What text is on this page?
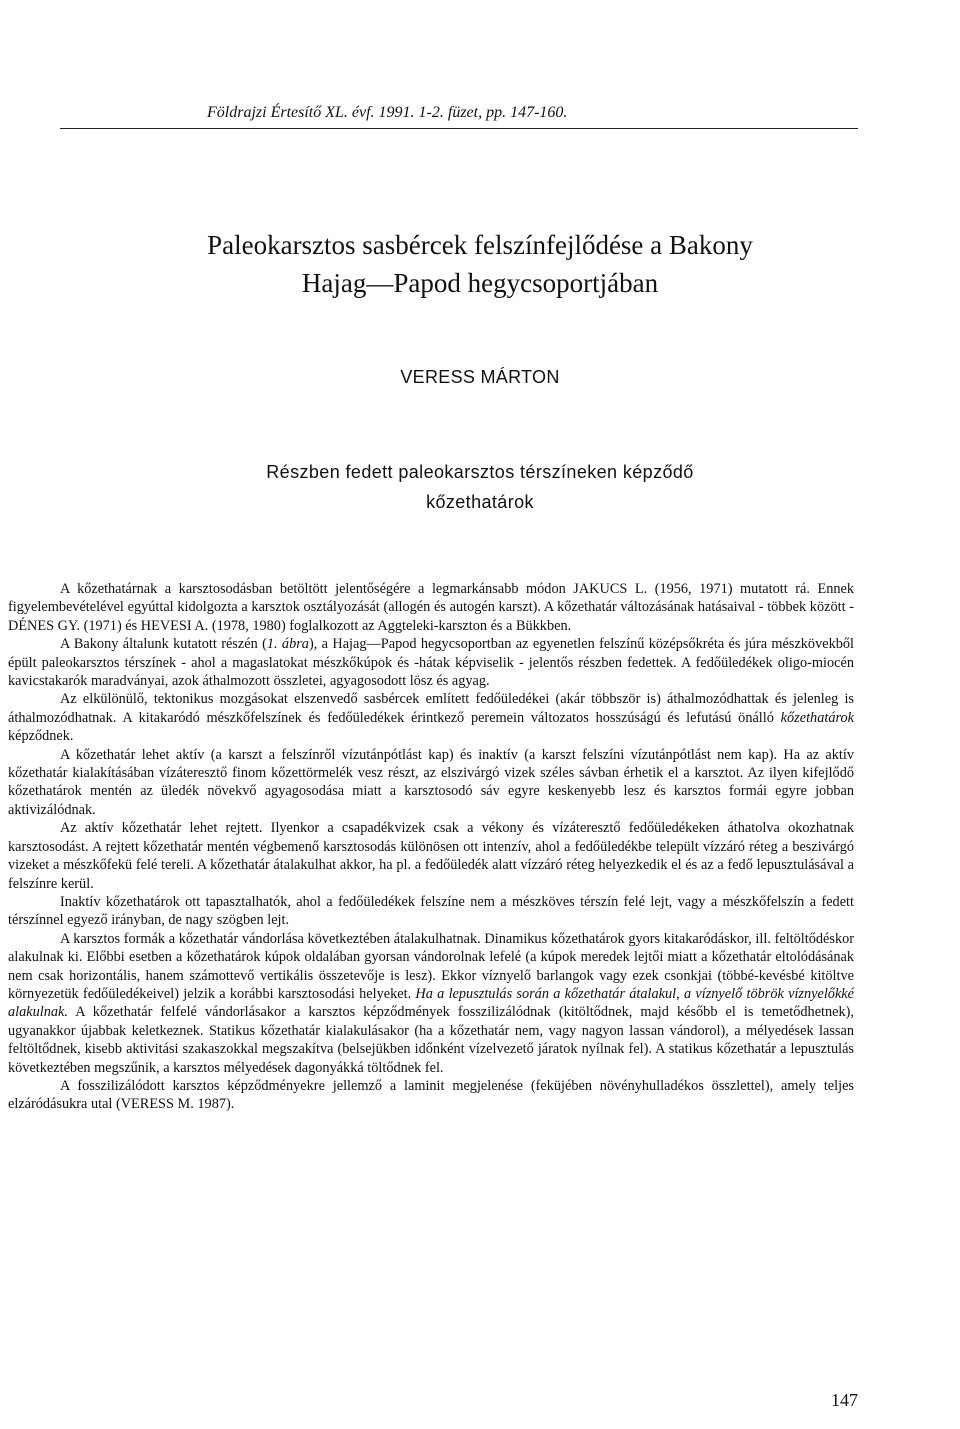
Földrajzi Értesítő XL. évf. 1991. 1-2. füzet, pp. 147-160.
Paleokarsztos sasbércek felszínfejlődése a Bakony
Hajag—Papod hegycsoportjában
VERESS MÁRTON
Részben fedett paleokarsztos térszíneken képződő
kőzethatárok

A kőzethatárnak a karsztosodásban betöltött jelentőségére a legmarkánsabb módon JAKUCS L. (1956, 1971) mutatott rá. Ennek figyelembevételével egyúttal kidolgozta a karsztok osztályozását (allogén és autogén karszt). A kőzethatár változásának hatásaival - többek között - DÉNES GY. (1971) és HEVESI A. (1978, 1980) foglalkozott az Aggteleki-karszton és a Bükkben.

A Bakony általunk kutatott részén (1. ábra), a Hajag—Papod hegycsoportban az egyenetlen felszínű középsőkréta és júra mészkövekből épült paleokarsztos térszínek - ahol a magaslatokat mészkőkúpok és -hátak képviselik - jelentős részben fedettek. A fedőüledékek oligo-miocén kavicstakarók maradványai, azok áthalmozott összletei, agyagosodott lösz és agyag.

Az elkülönülő, tektonikus mozgásokat elszenvedő sasbércek említett fedőüledékei (akár többször is) áthalmozódhattak és jelenleg is áthalmozódhatnak. A kitakaródó mészkőfelszínek és fedőüledékek érintkező peremein változatos hosszúságú és lefutású önálló kőzethatárok képződnek.

A kőzethatár lehet aktív (a karszt a felszínről vízutánpótlást kap) és inaktív (a karszt felszíni vízutánpótlást nem kap). Ha az aktív kőzethatár kialakításában vízáteresztő finom kőzettörmelék vesz részt, az elszivárgó vizek széles sávban érhetik el a karsztot. Az ilyen kifejlődő kőzethatárok mentén az üledék növekvő agyagosodása miatt a karsztosodó sáv egyre keskenyebb lesz és karsztos formái egyre jobban aktivizálódnak.

Az aktív kőzethatár lehet rejtett. Ilyenkor a csapadékvizek csak a vékony és vízáteresztő fedőüledékeken áthatolva okozhatnak karsztosodást. A rejtett kőzethatár mentén végbemenő karsztosodás különösen ott intenzív, ahol a fedőüledékbe települt vízzáró réteg a beszivárgó vizeket a mészkőfekü felé tereli. A kőzethatár átalakulhat akkor, ha pl. a fedőüledék alatt vízzáró réteg helyezkedik el és az a fedő lepusztulásával a felszínre kerül.

Inaktív kőzethatárok ott tapasztalhatók, ahol a fedőüledékek felszíne nem a mészköves térszín felé lejt, vagy a mészkőfelszín a fedett térszínnel egyező irányban, de nagy szögben lejt.

A karsztos formák a kőzethatár vándorlása következtében átalakulhatnak. Dinamikus kőzethatárok gyors kitakaródáskor, ill. feltöltődéskor alakulnak ki. Előbbi esetben a kőzethatárok kúpok oldalában gyorsan vándorolnak lefelé (a kúpok meredek lejtői miatt a kőzethatár eltolódásának nem csak horizontális, hanem számottevő vertikális összetevője is lesz). Ekkor víznyelő barlangok vagy ezek csonkjai (többé-kevésbé kitöltve környezetük fedőüledékeivel) jelzik a korábbi karsztosodási helyeket. Ha a lepusztulás során a kőzethatár átalakul, a víznyelő töbrök víznyelőkké alakulnak. A kőzethatár felfelé vándorlásakor a karsztos képződmények fosszilizálódnak (kitöltődnek, majd később el is temetődhetnek), ugyanakkor újabbak keletkeznek. Statikus kőzethatár kialakulásakor (ha a kőzethatár nem, vagy nagyon lassan vándorol), a mélyedések lassan feltöltődnek, kisebb aktivitási szakaszokkal megszakítva (belsejükben időnként vízelvezető járatok nyílnak fel). A statikus kőzethatár a lepusztulás következtében megszűnik, a karsztos mélyedések dagonyákká töltődnek fel.

A fosszilizálódott karsztos képződményekre jellemző a laminit megjelenése (feküjében növényhulladékos összlettel), amely teljes elzáródásukra utal (VERESS M. 1987).

147
